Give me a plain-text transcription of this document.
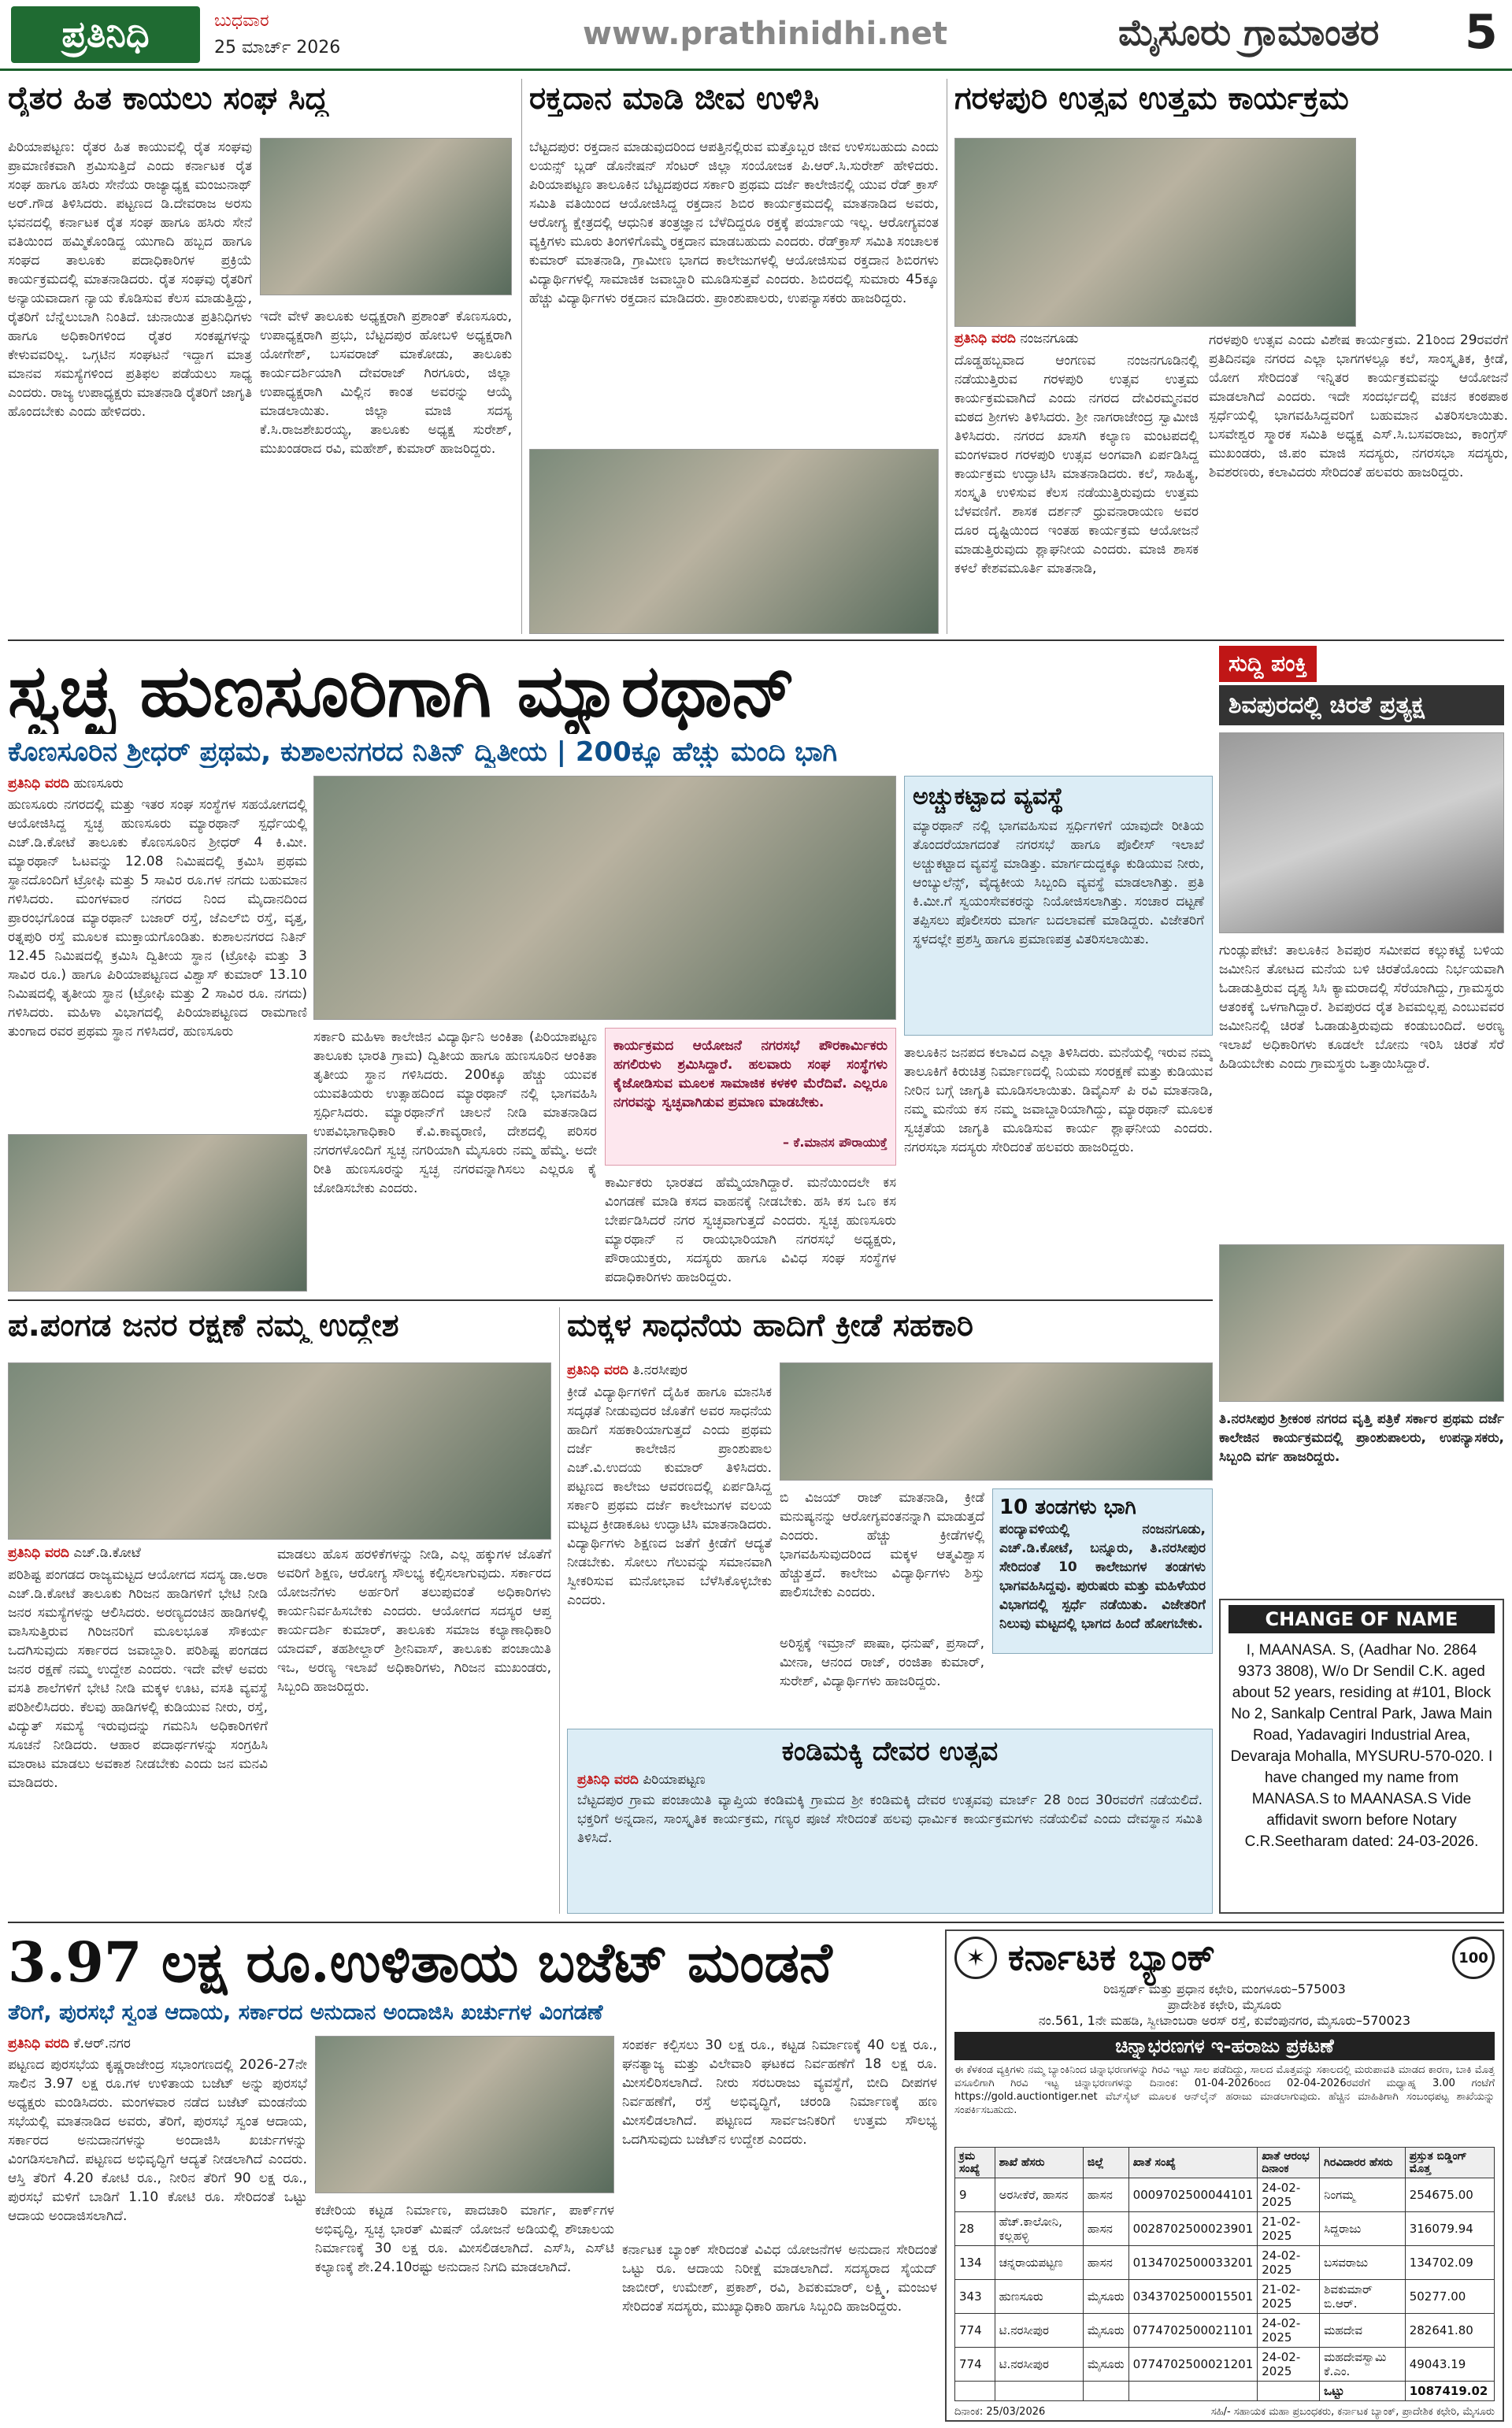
ಪ್ರತಿನಿಧಿ	ಬುಧವಾರ
25 ಮಾರ್ಚ್ 2026	www.prathinidhi.net	ಮೈಸೂರು ಗ್ರಾಮಾಂತರ 5
ರೈತರ ಹಿತ ಕಾಯಲು ಸಂಘ ಸಿದ್ಧ
ಪಿರಿಯಾಪಟ್ಟಣ: ರೈತರ ಹಿತ ಕಾಯುವಲ್ಲಿ ರೈತ ಸಂಘವು ಪ್ರಾಮಾಣಿಕವಾಗಿ ಶ್ರಮಿಸುತ್ತಿದೆ ಎಂದು ಕರ್ನಾಟಕ ರೈತ ಸಂಘ ಹಾಗೂ ಹಸಿರು ಸೇನೆಯ ರಾಜ್ಯಾಧ್ಯಕ್ಷ ಮಂಜುನಾಥ್ ಅರ್.ಗೌಡ ತಿಳಿಸಿದರು. ಪಟ್ಟಣದ ಡಿ.ದೇವರಾಜ ಅರಸು ಭವನದಲ್ಲಿ ಕರ್ನಾಟಕ ರೈತ ಸಂಘ ಹಾಗೂ ಹಸಿರು ಸೇನೆ ವತಿಯಿಂದ ಹಮ್ಮಿಕೊಂಡಿದ್ದ ಯುಗಾದಿ ಹಬ್ಬದ ಹಾಗೂ ಸಂಘದ ತಾಲೂಕು ಪದಾಧಿಕಾರಿಗಳ ಪ್ರಕ್ರಿಯೆ ಕಾರ್ಯಕ್ರಮದಲ್ಲಿ ಮಾತನಾಡಿದರು. ರೈತ ಸಂಘವು ರೈತರಿಗೆ ಅನ್ಯಾಯವಾದಾಗ ನ್ಯಾಯ ಕೊಡಿಸುವ ಕೆಲಸ ಮಾಡುತ್ತಿದ್ದು, ರೈತರಿಗೆ ಬೆನ್ನೆಲುಬಾಗಿ ನಿಂತಿದೆ. ಚುನಾಯಿತ ಪ್ರತಿನಿಧಿಗಳು ಹಾಗೂ ಅಧಿಕಾರಿಗಳಿಂದ ರೈತರ ಸಂಕಷ್ಟಗಳನ್ನು ಕೇಳುವವರಿಲ್ಲ. ಒಗ್ಗಟಿನ ಸಂಘಟನೆ ಇದ್ದಾಗ ಮಾತ್ರ ಮಾನವ ಸಮಸ್ಯೆಗಳಿಂದ ಪ್ರತಿಫಲ ಪಡೆಯಲು ಸಾಧ್ಯ ಎಂದರು. ರಾಜ್ಯ ಉಪಾಧ್ಯಕ್ಷರು ಮಾತನಾಡಿ ರೈತರಿಗೆ ಜಾಗೃತಿ ಹೊಂದಬೇಕು ಎಂದು ಹೇಳಿದರು.
ಇದೇ ವೇಳೆ ತಾಲೂಕು ಅಧ್ಯಕ್ಷರಾಗಿ ಪ್ರಶಾಂತ್ ಕೊಣಸೂರು, ಉಪಾಧ್ಯಕ್ಷರಾಗಿ ಪ್ರಭು, ಬೆಟ್ಟದಪುರ ಹೋಬಳಿ ಅಧ್ಯಕ್ಷರಾಗಿ ಯೋಗೇಶ್, ಬಸವರಾಜ್ ಮಾಕೋಡು, ತಾಲೂಕು ಕಾರ್ಯದರ್ಶಿಯಾಗಿ ದೇವರಾಜ್ ಗಿರಗೂರು, ಜಿಲ್ಲಾ ಉಪಾಧ್ಯಕ್ಷರಾಗಿ ಮಿಲ್ಲಿನ ಕಾಂತ ಅವರನ್ನು ಆಯ್ಕೆ ಮಾಡಲಾಯಿತು. ಜಿಲ್ಲಾ ಮಾಜಿ ಸದಸ್ಯ ಕೆ.ಸಿ.ರಾಜಶೇಖರಯ್ಯ, ತಾಲೂಕು ಅಧ್ಯಕ್ಷ ಸುರೇಶ್, ಮುಖಂಡರಾದ ರವಿ, ಮಹೇಶ್, ಕುಮಾರ್ ಹಾಜರಿದ್ದರು.
ರಕ್ತದಾನ ಮಾಡಿ ಜೀವ ಉಳಿಸಿ
ಬೆಟ್ಟದಪುರ: ರಕ್ತದಾನ ಮಾಡುವುದರಿಂದ ಆಪತ್ತಿನಲ್ಲಿರುವ ಮತ್ತೊಬ್ಬರ ಜೀವ ಉಳಿಸಬಹುದು ಎಂದು ಲಯನ್ಸ್ ಬ್ಲಡ್ ಡೊನೇಷನ್ ಸೆಂಟರ್ ಜಿಲ್ಲಾ ಸಂಯೋಜಕ ಪಿ.ಆರ್.ಸಿ.ಸುರೇಶ್ ಹೇಳಿದರು. ಪಿರಿಯಾಪಟ್ಟಣ ತಾಲೂಕಿನ ಬೆಟ್ಟದಪುರದ ಸರ್ಕಾರಿ ಪ್ರಥಮ ದರ್ಜೆ ಕಾಲೇಜಿನಲ್ಲಿ ಯುವ ರೆಡ್ ಕ್ರಾಸ್ ಸಮಿತಿ ವತಿಯಿಂದ ಆಯೋಜಿಸಿದ್ದ ರಕ್ತದಾನ ಶಿಬಿರ ಕಾರ್ಯಕ್ರಮದಲ್ಲಿ ಮಾತನಾಡಿದ ಅವರು, ಆರೋಗ್ಯ ಕ್ಷೇತ್ರದಲ್ಲಿ ಆಧುನಿಕ ತಂತ್ರಜ್ಞಾನ ಬೆಳೆದಿದ್ದರೂ ರಕ್ತಕ್ಕೆ ಪರ್ಯಾಯ ಇಲ್ಲ. ಆರೋಗ್ಯವಂತ ವ್ಯಕ್ತಿಗಳು ಮೂರು ತಿಂಗಳಿಗೊಮ್ಮೆ ರಕ್ತದಾನ ಮಾಡಬಹುದು ಎಂದರು. ರೆಡ್‌ಕ್ರಾಸ್ ಸಮಿತಿ ಸಂಚಾಲಕ ಕುಮಾರ್ ಮಾತನಾಡಿ, ಗ್ರಾಮೀಣ ಭಾಗದ ಕಾಲೇಜುಗಳಲ್ಲಿ ಆಯೋಜಿಸುವ ರಕ್ತದಾನ ಶಿಬಿರಗಳು ವಿದ್ಯಾರ್ಥಿಗಳಲ್ಲಿ ಸಾಮಾಜಿಕ ಜವಾಬ್ದಾರಿ ಮೂಡಿಸುತ್ತವೆ ಎಂದರು. ಶಿಬಿರದಲ್ಲಿ ಸುಮಾರು 45ಕ್ಕೂ ಹೆಚ್ಚು ವಿದ್ಯಾರ್ಥಿಗಳು ರಕ್ತದಾನ ಮಾಡಿದರು. ಪ್ರಾಂಶುಪಾಲರು, ಉಪನ್ಯಾಸಕರು ಹಾಜರಿದ್ದರು.
ಗರಳಪುರಿ ಉತ್ಸವ ಉತ್ತಮ ಕಾರ್ಯಕ್ರಮ
ಪ್ರತಿನಿಧಿ ವರದಿ ನಂಜನಗೂಡು
ದೊಡ್ಡಹಬ್ಬವಾದ ಆಂಗಣವ ನಂಜನಗೂಡಿನಲ್ಲಿ ನಡೆಯುತ್ತಿರುವ ಗರಳಪುರಿ ಉತ್ಸವ ಉತ್ತಮ ಕಾರ್ಯಕ್ರಮವಾಗಿದೆ ಎಂದು ನಗರದ ದೇವಿರಮ್ಮನವರ ಮಠದ ಶ್ರೀಗಳು ತಿಳಿಸಿದರು. ಶ್ರೀ ನಾಗರಾಜೇಂದ್ರ ಸ್ವಾಮೀಜಿ ತಿಳಿಸಿದರು. ನಗರದ ಖಾಸಗಿ ಕಲ್ಯಾಣ ಮಂಟಪದಲ್ಲಿ ಮಂಗಳವಾರ ಗರಳಪುರಿ ಉತ್ಸವ ಅಂಗವಾಗಿ ಏರ್ಪಡಿಸಿದ್ದ ಕಾರ್ಯಕ್ರಮ ಉದ್ಘಾಟಿಸಿ ಮಾತನಾಡಿದರು. ಕಲೆ, ಸಾಹಿತ್ಯ, ಸಂಸ್ಕೃತಿ ಉಳಿಸುವ ಕೆಲಸ ನಡೆಯುತ್ತಿರುವುದು ಉತ್ತಮ ಬೆಳವಣಿಗೆ. ಶಾಸಕ ದರ್ಶನ್ ಧ್ರುವನಾರಾಯಣ ಅವರ ದೂರ ದೃಷ್ಟಿಯಿಂದ ಇಂತಹ ಕಾರ್ಯಕ್ರಮ ಆಯೋಜನೆ ಮಾಡುತ್ತಿರುವುದು ಶ್ಲಾಘನೀಯ ಎಂದರು. ಮಾಜಿ ಶಾಸಕ ಕಳಲೆ ಕೇಶವಮೂರ್ತಿ ಮಾತನಾಡಿ,
ಗರಳಪುರಿ ಉತ್ಸವ ಎಂದು ವಿಶೇಷ ಕಾರ್ಯಕ್ರಮ. 21ರಿಂದ 29ರವರೆಗೆ ಪ್ರತಿದಿನವೂ ನಗರದ ಎಲ್ಲಾ ಭಾಗಗಳಲ್ಲೂ ಕಲೆ, ಸಾಂಸ್ಕೃತಿಕ, ಕ್ರೀಡೆ, ಯೋಗ ಸೇರಿದಂತೆ ಇನ್ನಿತರ ಕಾರ್ಯಕ್ರಮವನ್ನು ಆಯೋಜನೆ ಮಾಡಲಾಗಿದೆ ಎಂದರು. ಇದೇ ಸಂದರ್ಭದಲ್ಲಿ ವಚನ ಕಂಠಪಾಠ ಸ್ಪರ್ಧೆಯಲ್ಲಿ ಭಾಗವಹಿಸಿದ್ದವರಿಗೆ ಬಹುಮಾನ ವಿತರಿಸಲಾಯಿತು. ಬಸವೇಶ್ವರ ಸ್ಮಾರಕ ಸಮಿತಿ ಅಧ್ಯಕ್ಷ ಎಸ್.ಸಿ.ಬಸವರಾಜು, ಕಾಂಗ್ರೆಸ್ ಮುಖಂಡರು, ಜಿ.ಪಂ ಮಾಜಿ ಸದಸ್ಯರು, ನಗರಸಭಾ ಸದಸ್ಯರು, ಶಿವಶರಣರು, ಕಲಾವಿದರು ಸೇರಿದಂತೆ ಹಲವರು ಹಾಜರಿದ್ದರು.
ಸ್ವಚ್ಛ ಹುಣಸೂರಿಗಾಗಿ ಮ್ಯಾರಥಾನ್
ಕೊಣಸೂರಿನ ಶ್ರೀಧರ್ ಪ್ರಥಮ, ಕುಶಾಲನಗರದ ನಿತಿನ್ ದ್ವಿತೀಯ | 200ಕ್ಕೂ ಹೆಚ್ಚು ಮಂದಿ ಭಾಗಿ
ಸುದ್ದಿ ಪಂಕ್ತಿ
ಶಿವಪುರದಲ್ಲಿ ಚಿರತೆ ಪ್ರತ್ಯಕ್ಷ
ಗುಂಡ್ಲುಪೇಟೆ: ತಾಲೂಕಿನ ಶಿವಪುರ ಸಮೀಪದ ಕಲ್ಲುಕಟ್ಟೆ ಬಳಿಯ ಜಮೀನಿನ ತೋಟದ ಮನೆಯ ಬಳಿ ಚಿರತೆಯೊಂದು ನಿರ್ಭಯವಾಗಿ ಓಡಾಡುತ್ತಿರುವ ದೃಶ್ಯ ಸಿಸಿ ಕ್ಯಾಮರಾದಲ್ಲಿ ಸೆರೆಯಾಗಿದ್ದು, ಗ್ರಾಮಸ್ಥರು ಆತಂಕಕ್ಕೆ ಒಳಗಾಗಿದ್ದಾರೆ. ಶಿವಪುರದ ರೈತ ಶಿವಮಲ್ಲಪ್ಪ ಎಂಬುವವರ ಜಮೀನಿನಲ್ಲಿ ಚಿರತೆ ಓಡಾಡುತ್ತಿರುವುದು ಕಂಡುಬಂದಿದೆ. ಅರಣ್ಯ ಇಲಾಖೆ ಅಧಿಕಾರಿಗಳು ಕೂಡಲೇ ಬೋನು ಇರಿಸಿ ಚಿರತೆ ಸೆರೆ ಹಿಡಿಯಬೇಕು ಎಂದು ಗ್ರಾಮಸ್ಥರು ಒತ್ತಾಯಿಸಿದ್ದಾರೆ.
ತಿ.ನರಸೀಪುರ ಶ್ರೀಕಂಠ ನಗರದ ವೃತ್ತಿ ಪತ್ರಿಕೆ ಸರ್ಕಾರ ಪ್ರಥಮ ದರ್ಜೆ ಕಾಲೇಜಿನ ಕಾರ್ಯಕ್ರಮದಲ್ಲಿ ಪ್ರಾಂಶುಪಾಲರು, ಉಪನ್ಯಾಸಕರು, ಸಿಬ್ಬಂದಿ ವರ್ಗ ಹಾಜರಿದ್ದರು.
ಪ್ರತಿನಿಧಿ ವರದಿ ಹುಣಸೂರು
ಹುಣಸೂರು ನಗರದಲ್ಲಿ ಮತ್ತು ಇತರ ಸಂಘ ಸಂಸ್ಥೆಗಳ ಸಹಯೋಗದಲ್ಲಿ ಆಯೋಜಿಸಿದ್ದ ಸ್ವಚ್ಛ ಹುಣಸೂರು ಮ್ಯಾರಥಾನ್ ಸ್ಪರ್ಧೆಯಲ್ಲಿ ಎಚ್.ಡಿ.ಕೋಟೆ ತಾಲೂಕು ಕೊಣಸೂರಿನ ಶ್ರೀಧರ್ 4 ಕಿ.ಮೀ. ಮ್ಯಾರಥಾನ್ ಓಟವನ್ನು 12.08 ನಿಮಿಷದಲ್ಲಿ ಕ್ರಮಿಸಿ ಪ್ರಥಮ ಸ್ಥಾನದೊಂದಿಗೆ ಟ್ರೋಫಿ ಮತ್ತು 5 ಸಾವಿರ ರೂ.ಗಳ ನಗದು ಬಹುಮಾನ ಗಳಿಸಿದರು. ಮಂಗಳವಾರ ನಗರದ ನಿಂದ ಮೈದಾನದಿಂದ ಪ್ರಾರಂಭಗೊಂಡ ಮ್ಯಾರಥಾನ್ ಬಜಾರ್ ರಸ್ತೆ, ಜೆಎಲ್‌ಬಿ ರಸ್ತೆ, ವೃತ್ತ, ರತ್ನಪುರಿ ರಸ್ತೆ ಮೂಲಕ ಮುಕ್ತಾಯಗೊಂಡಿತು. ಕುಶಾಲನಗರದ ನಿತಿನ್ 12.45 ನಿಮಿಷದಲ್ಲಿ ಕ್ರಮಿಸಿ ದ್ವಿತೀಯ ಸ್ಥಾನ (ಟ್ರೋಫಿ ಮತ್ತು 3 ಸಾವಿರ ರೂ.) ಹಾಗೂ ಪಿರಿಯಾಪಟ್ಟಣದ ವಿಶ್ವಾಸ್ ಕುಮಾರ್ 13.10 ನಿಮಿಷದಲ್ಲಿ ತೃತೀಯ ಸ್ಥಾನ (ಟ್ರೋಫಿ ಮತ್ತು 2 ಸಾವಿರ ರೂ. ನಗದು) ಗಳಿಸಿದರು. ಮಹಿಳಾ ವಿಭಾಗದಲ್ಲಿ ಪಿರಿಯಾಪಟ್ಟಣದ ರಾಮಗಾಣಿ ತುಂಗಾದ ರವರ ಪ್ರಥಮ ಸ್ಥಾನ ಗಳಿಸಿದರೆ, ಹುಣಸೂರು
ಅಚ್ಚುಕಟ್ಟಾದ ವ್ಯವಸ್ಥೆ
ಮ್ಯಾರಥಾನ್ ನಲ್ಲಿ ಭಾಗವಹಿಸುವ ಸ್ಪರ್ಧಿಗಳಿಗೆ ಯಾವುದೇ ರೀತಿಯ ತೊಂದರೆಯಾಗದಂತೆ ನಗರಸಭೆ ಹಾಗೂ ಪೊಲೀಸ್ ಇಲಾಖೆ ಅಚ್ಚುಕಟ್ಟಾದ ವ್ಯವಸ್ಥೆ ಮಾಡಿತ್ತು. ಮಾರ್ಗದುದ್ದಕ್ಕೂ ಕುಡಿಯುವ ನೀರು, ಆಂಬ್ಯುಲೆನ್ಸ್, ವೈದ್ಯಕೀಯ ಸಿಬ್ಬಂದಿ ವ್ಯವಸ್ಥೆ ಮಾಡಲಾಗಿತ್ತು. ಪ್ರತಿ ಕಿ.ಮೀ.ಗೆ ಸ್ವಯಂಸೇವಕರನ್ನು ನಿಯೋಜಿಸಲಾಗಿತ್ತು. ಸಂಚಾರ ದಟ್ಟಣೆ ತಪ್ಪಿಸಲು ಪೊಲೀಸರು ಮಾರ್ಗ ಬದಲಾವಣೆ ಮಾಡಿದ್ದರು. ವಿಜೇತರಿಗೆ ಸ್ಥಳದಲ್ಲೇ ಪ್ರಶಸ್ತಿ ಹಾಗೂ ಪ್ರಮಾಣಪತ್ರ ವಿತರಿಸಲಾಯಿತು.
ಸರ್ಕಾರಿ ಮಹಿಳಾ ಕಾಲೇಜಿನ ವಿದ್ಯಾರ್ಥಿನಿ ಅಂಕಿತಾ (ಪಿರಿಯಾಪಟ್ಟಣ ತಾಲೂಕು ಭಾರತಿ ಗ್ರಾಮ) ದ್ವಿತೀಯ ಹಾಗೂ ಹುಣಸೂರಿನ ಆಂಕಿತಾ ತೃತೀಯ ಸ್ಥಾನ ಗಳಿಸಿದರು. 200ಕ್ಕೂ ಹೆಚ್ಚು ಯುವಕ ಯುವತಿಯರು ಉತ್ಸಾಹದಿಂದ ಮ್ಯಾರಥಾನ್ ನಲ್ಲಿ ಭಾಗವಹಿಸಿ ಸ್ಪರ್ಧಿಸಿದರು. ಮ್ಯಾರಥಾನ್‌ಗೆ ಚಾಲನೆ ನೀಡಿ ಮಾತನಾಡಿದ ಉಪವಿಭಾಗಾಧಿಕಾರಿ ಕೆ.ವಿ.ಕಾವ್ಯರಾಣಿ, ದೇಶದಲ್ಲಿ ಪರಿಸರ ನಗರಗಳೊಂದಿಗೆ ಸ್ವಚ್ಛ ನಗರಿಯಾಗಿ ಮೈಸೂರು ನಮ್ಮ ಹೆಮ್ಮೆ. ಅದೇ ರೀತಿ ಹುಣಸೂರನ್ನು ಸ್ವಚ್ಛ ನಗರವನ್ನಾಗಿಸಲು ಎಲ್ಲರೂ ಕೈ ಜೋಡಿಸಬೇಕು ಎಂದರು.
ಕಾರ್ಯಕ್ರಮದ ಆಯೋಜನೆ ನಗರಸಭೆ ಪೌರಕಾರ್ಮಿಕರು ಹಗಲಿರುಳು ಶ್ರಮಿಸಿದ್ದಾರೆ. ಹಲವಾರು ಸಂಘ ಸಂಸ್ಥೆಗಳು ಕೈಜೋಡಿಸುವ ಮೂಲಕ ಸಾಮಾಜಿಕ ಕಳಕಳಿ ಮೆರೆದಿವೆ. ಎಲ್ಲರೂ ನಗರವನ್ನು ಸ್ವಚ್ಛವಾಗಿಡುವ ಪ್ರಮಾಣ ಮಾಡಬೇಕು.
– ಕೆ.ಮಾನಸ ಪೌರಾಯುಕ್ತೆ
ಕಾರ್ಮಿಕರು ಭಾರತದ ಹೆಮ್ಮೆಯಾಗಿದ್ದಾರೆ. ಮನೆಯಿಂದಲೇ ಕಸ ವಿಂಗಡಣೆ ಮಾಡಿ ಕಸದ ವಾಹನಕ್ಕೆ ನೀಡಬೇಕು. ಹಸಿ ಕಸ ಒಣ ಕಸ ಬೇರ್ಪಡಿಸಿದರೆ ನಗರ ಸ್ವಚ್ಛವಾಗುತ್ತದೆ ಎಂದರು. ಸ್ವಚ್ಛ ಹುಣಸೂರು ಮ್ಯಾರಥಾನ್ ನ ರಾಯಭಾರಿಯಾಗಿ ನಗರಸಭೆ ಅಧ್ಯಕ್ಷರು, ಪೌರಾಯುಕ್ತರು, ಸದಸ್ಯರು ಹಾಗೂ ವಿವಿಧ ಸಂಘ ಸಂಸ್ಥೆಗಳ ಪದಾಧಿಕಾರಿಗಳು ಹಾಜರಿದ್ದರು.
ತಾಲೂಕಿನ ಜನಪದ ಕಲಾವಿದ ಎಲ್ಲಾ ತಿಳಿಸಿದರು. ಮನೆಯಲ್ಲಿ ಇರುವ ನಮ್ಮ ತಾಲೂಕಿಗೆ ಕಿರುಚಿತ್ರ ನಿರ್ಮಾಣದಲ್ಲಿ ನಿಯಮ ಸಂರಕ್ಷಣೆ ಮತ್ತು ಕುಡಿಯುವ ನೀರಿನ ಬಗ್ಗೆ ಜಾಗೃತಿ ಮೂಡಿಸಲಾಯಿತು. ಡಿವೈಎಸ್ ಪಿ ರವಿ ಮಾತನಾಡಿ, ನಮ್ಮ ಮನೆಯ ಕಸ ನಮ್ಮ ಜವಾಬ್ದಾರಿಯಾಗಿದ್ದು, ಮ್ಯಾರಥಾನ್ ಮೂಲಕ ಸ್ವಚ್ಛತೆಯ ಜಾಗೃತಿ ಮೂಡಿಸುವ ಕಾರ್ಯ ಶ್ಲಾಘನೀಯ ಎಂದರು. ನಗರಸಭಾ ಸದಸ್ಯರು ಸೇರಿದಂತೆ ಹಲವರು ಹಾಜರಿದ್ದರು.
ಪ.ಪಂಗಡ ಜನರ ರಕ್ಷಣೆ ನಮ್ಮ ಉದ್ದೇಶ
ಪ್ರತಿನಿಧಿ ವರದಿ ಎಚ್.ಡಿ.ಕೋಟೆ
ಪರಿಶಿಷ್ಟ ಪಂಗಡದ ರಾಜ್ಯಮಟ್ಟದ ಆಯೋಗದ ಸದಸ್ಯ ಡಾ.ಅರಾ ಎಚ್.ಡಿ.ಕೋಟೆ ತಾಲೂಕು ಗಿರಿಜನ ಹಾಡಿಗಳಿಗೆ ಭೇಟಿ ನೀಡಿ ಜನರ ಸಮಸ್ಯೆಗಳನ್ನು ಆಲಿಸಿದರು. ಅರಣ್ಯದಂಚಿನ ಹಾಡಿಗಳಲ್ಲಿ ವಾಸಿಸುತ್ತಿರುವ ಗಿರಿಜನರಿಗೆ ಮೂಲಭೂತ ಸೌಕರ್ಯ ಒದಗಿಸುವುದು ಸರ್ಕಾರದ ಜವಾಬ್ದಾರಿ. ಪರಿಶಿಷ್ಟ ಪಂಗಡದ ಜನರ ರಕ್ಷಣೆ ನಮ್ಮ ಉದ್ದೇಶ ಎಂದರು. ಇದೇ ವೇಳೆ ಅವರು ವಸತಿ ಶಾಲೆಗಳಿಗೆ ಭೇಟಿ ನೀಡಿ ಮಕ್ಕಳ ಊಟ, ವಸತಿ ವ್ಯವಸ್ಥೆ ಪರಿಶೀಲಿಸಿದರು. ಕೆಲವು ಹಾಡಿಗಳಲ್ಲಿ ಕುಡಿಯುವ ನೀರು, ರಸ್ತೆ, ವಿದ್ಯುತ್ ಸಮಸ್ಯೆ ಇರುವುದನ್ನು ಗಮನಿಸಿ ಅಧಿಕಾರಿಗಳಿಗೆ ಸೂಚನೆ ನೀಡಿದರು. ಆಹಾರ ಪದಾರ್ಥಗಳನ್ನು ಸಂಗ್ರಹಿಸಿ ಮಾರಾಟ ಮಾಡಲು ಅವಕಾಶ ನೀಡಬೇಕು ಎಂದು ಜನ ಮನವಿ ಮಾಡಿದರು.
ಮಾಡಲು ಹೊಸ ಹರಳಿಕೆಗಳನ್ನು ನೀಡಿ, ಎಲ್ಲ ಹಕ್ಕುಗಳ ಜೊತೆಗೆ ಅವರಿಗೆ ಶಿಕ್ಷಣ, ಆರೋಗ್ಯ ಸೌಲಭ್ಯ ಕಲ್ಪಿಸಲಾಗುವುದು. ಸರ್ಕಾರದ ಯೋಜನೆಗಳು ಅರ್ಹರಿಗೆ ತಲುಪುವಂತೆ ಅಧಿಕಾರಿಗಳು ಕಾರ್ಯನಿರ್ವಹಿಸಬೇಕು ಎಂದರು. ಆಯೋಗದ ಸದಸ್ಯರ ಆಪ್ತ ಕಾರ್ಯದರ್ಶಿ ಕುಮಾರ್, ತಾಲೂಕು ಸಮಾಜ ಕಲ್ಯಾಣಾಧಿಕಾರಿ ಯಾದವ್, ತಹಶೀಲ್ದಾರ್ ಶ್ರೀನಿವಾಸ್, ತಾಲೂಕು ಪಂಚಾಯಿತಿ ಇಒ, ಅರಣ್ಯ ಇಲಾಖೆ ಅಧಿಕಾರಿಗಳು, ಗಿರಿಜನ ಮುಖಂಡರು, ಸಿಬ್ಬಂದಿ ಹಾಜರಿದ್ದರು.
ಮಕ್ಕಳ ಸಾಧನೆಯ ಹಾದಿಗೆ ಕ್ರೀಡೆ ಸಹಕಾರಿ
ಪ್ರತಿನಿಧಿ ವರದಿ ತಿ.ನರಸೀಪುರ
ಕ್ರೀಡೆ ವಿದ್ಯಾರ್ಥಿಗಳಿಗೆ ದೈಹಿಕ ಹಾಗೂ ಮಾನಸಿಕ ಸದೃಢತೆ ನೀಡುವುದರ ಜೊತೆಗೆ ಅವರ ಸಾಧನೆಯ ಹಾದಿಗೆ ಸಹಕಾರಿಯಾಗುತ್ತದೆ ಎಂದು ಪ್ರಥಮ ದರ್ಜೆ ಕಾಲೇಜಿನ ಪ್ರಾಂಶುಪಾಲ ಎಚ್.ವಿ.ಉದಯ ಕುಮಾರ್ ತಿಳಿಸಿದರು. ಪಟ್ಟಣದ ಕಾಲೇಜು ಆವರಣದಲ್ಲಿ ಏರ್ಪಡಿಸಿದ್ದ ಸರ್ಕಾರಿ ಪ್ರಥಮ ದರ್ಜೆ ಕಾಲೇಜುಗಳ ವಲಯ ಮಟ್ಟದ ಕ್ರೀಡಾಕೂಟ ಉದ್ಘಾಟಿಸಿ ಮಾತನಾಡಿದರು. ವಿದ್ಯಾರ್ಥಿಗಳು ಶಿಕ್ಷಣದ ಜತೆಗೆ ಕ್ರೀಡೆಗೆ ಆದ್ಯತೆ ನೀಡಬೇಕು. ಸೋಲು ಗೆಲುವನ್ನು ಸಮಾನವಾಗಿ ಸ್ವೀಕರಿಸುವ ಮನೋಭಾವ ಬೆಳೆಸಿಕೊಳ್ಳಬೇಕು ಎಂದರು.
ಬಿ ವಿಜಯ್ ರಾಜ್ ಮಾತನಾಡಿ, ಕ್ರೀಡೆ ಮನುಷ್ಯನನ್ನು ಆರೋಗ್ಯವಂತನನ್ನಾಗಿ ಮಾಡುತ್ತದೆ ಎಂದರು. ಹೆಚ್ಚು ಕ್ರೀಡೆಗಳಲ್ಲಿ ಭಾಗವಹಿಸುವುದರಿಂದ ಮಕ್ಕಳ ಆತ್ಮವಿಶ್ವಾಸ ಹೆಚ್ಚುತ್ತದೆ. ಕಾಲೇಜು ವಿದ್ಯಾರ್ಥಿಗಳು ಶಿಸ್ತು ಪಾಲಿಸಬೇಕು ಎಂದರು.
10 ತಂಡಗಳು ಭಾಗಿ
ಪಂದ್ಯಾವಳಿಯಲ್ಲಿ ನಂಜನಗೂಡು, ಎಚ್.ಡಿ.ಕೋಟೆ, ಬನ್ನೂರು, ತಿ.ನರಸೀಪುರ ಸೇರಿದಂತೆ 10 ಕಾಲೇಜುಗಳ ತಂಡಗಳು ಭಾಗವಹಿಸಿದ್ದವು. ಪುರುಷರು ಮತ್ತು ಮಹಿಳೆಯರ ವಿಭಾಗದಲ್ಲಿ ಸ್ಪರ್ಧೆ ನಡೆಯಿತು. ವಿಜೇತರಿಗೆ ನಿಲುವು ಮಟ್ಟದಲ್ಲಿ ಭಾಗದ ಹಿಂದೆ ಹೋಗಬೇಕು.
ಅರಿಸ್ಟಕ್ಕೆ ಇಮ್ರಾನ್ ಪಾಷಾ, ಧನುಷ್, ಪ್ರಸಾದ್, ಮೀನಾ, ಆನಂದ ರಾಜ್, ರಂಜಿತಾ ಕುಮಾರ್, ಸುರೇಶ್, ವಿದ್ಯಾರ್ಥಿಗಳು ಹಾಜರಿದ್ದರು.
ಕಂಡಿಮಕ್ಕಿ ದೇವರ ಉತ್ಸವ
ಪ್ರತಿನಿಧಿ ವರದಿ ಪಿರಿಯಾಪಟ್ಟಣ
ಬೆಟ್ಟದಪುರ ಗ್ರಾಮ ಪಂಚಾಯಿತಿ ವ್ಯಾಪ್ತಿಯ ಕಂಡಿಮಕ್ಕಿ ಗ್ರಾಮದ ಶ್ರೀ ಕಂಡಿಮಕ್ಕಿ ದೇವರ ಉತ್ಸವವು ಮಾರ್ಚ್ 28 ರಿಂದ 30ರವರೆಗೆ ನಡೆಯಲಿದೆ. ಭಕ್ತರಿಗೆ ಅನ್ನದಾನ, ಸಾಂಸ್ಕೃತಿಕ ಕಾರ್ಯಕ್ರಮ, ಗಣ್ಯರ ಪೂಜೆ ಸೇರಿದಂತೆ ಹಲವು ಧಾರ್ಮಿಕ ಕಾರ್ಯಕ್ರಮಗಳು ನಡೆಯಲಿವೆ ಎಂದು ದೇವಸ್ಥಾನ ಸಮಿತಿ ತಿಳಿಸಿದೆ.
CHANGE OF NAME
I, MAANASA. S, (Aadhar No. 2864 9373 3808), W/o Dr Sendil C.K. aged about 52 years, residing at #101, Block No 2, Sankalp Central Park, Jawa Main Road, Yadavagiri Industrial Area, Devaraja Mohalla, MYSURU-570-020. I have changed my name from MANASA.S to MAANASA.S Vide affidavit sworn before Notary C.R.Seetharam dated: 24-03-2026.
3.97 ಲಕ್ಷ ರೂ.ಉಳಿತಾಯ ಬಜೆಟ್ ಮಂಡನೆ
ತೆರಿಗೆ, ಪುರಸಭೆ ಸ್ವಂತ ಆದಾಯ, ಸರ್ಕಾರದ ಅನುದಾನ ಅಂದಾಜಿಸಿ ಖರ್ಚುಗಳ ವಿಂಗಡಣೆ
ಪ್ರತಿನಿಧಿ ವರದಿ ಕೆ.ಆರ್.ನಗರ
ಪಟ್ಟಣದ ಪುರಸಭೆಯ ಕೃಷ್ಣರಾಜೇಂದ್ರ ಸಭಾಂಗಣದಲ್ಲಿ 2026-27ನೇ ಸಾಲಿನ 3.97 ಲಕ್ಷ ರೂ.ಗಳ ಉಳಿತಾಯ ಬಜೆಟ್ ಅನ್ನು ಪುರಸಭೆ ಅಧ್ಯಕ್ಷರು ಮಂಡಿಸಿದರು. ಮಂಗಳವಾರ ನಡೆದ ಬಜೆಟ್ ಮಂಡನೆಯ ಸಭೆಯಲ್ಲಿ ಮಾತನಾಡಿದ ಅವರು, ತೆರಿಗೆ, ಪುರಸಭೆ ಸ್ವಂತ ಆದಾಯ, ಸರ್ಕಾರದ ಅನುದಾನಗಳನ್ನು ಅಂದಾಜಿಸಿ ಖರ್ಚುಗಳನ್ನು ವಿಂಗಡಿಸಲಾಗಿದೆ. ಪಟ್ಟಣದ ಅಭಿವೃದ್ಧಿಗೆ ಆದ್ಯತೆ ನೀಡಲಾಗಿದೆ ಎಂದರು. ಆಸ್ತಿ ತೆರಿಗೆ 4.20 ಕೋಟಿ ರೂ., ನೀರಿನ ತೆರಿಗೆ 90 ಲಕ್ಷ ರೂ., ಪುರಸಭೆ ಮಳಿಗೆ ಬಾಡಿಗೆ 1.10 ಕೋಟಿ ರೂ. ಸೇರಿದಂತೆ ಒಟ್ಟು ಆದಾಯ ಅಂದಾಜಿಸಲಾಗಿದೆ.
ಸಂಪರ್ಕ ಕಲ್ಪಿಸಲು 30 ಲಕ್ಷ ರೂ., ಕಟ್ಟಡ ನಿರ್ಮಾಣಕ್ಕೆ 40 ಲಕ್ಷ ರೂ., ಘನತ್ಯಾಜ್ಯ ಮತ್ತು ವಿಲೇವಾರಿ ಘಟಕದ ನಿರ್ವಹಣೆಗೆ 18 ಲಕ್ಷ ರೂ. ಮೀಸಲಿರಿಸಲಾಗಿದೆ. ನೀರು ಸರಬರಾಜು ವ್ಯವಸ್ಥೆಗೆ, ಬೀದಿ ದೀಪಗಳ ನಿರ್ವಹಣೆಗೆ, ರಸ್ತೆ ಅಭಿವೃದ್ಧಿಗೆ, ಚರಂಡಿ ನಿರ್ಮಾಣಕ್ಕೆ ಹಣ ಮೀಸಲಿಡಲಾಗಿದೆ. ಪಟ್ಟಣದ ಸಾರ್ವಜನಿಕರಿಗೆ ಉತ್ತಮ ಸೌಲಭ್ಯ ಒದಗಿಸುವುದು ಬಜೆಟ್‌ನ ಉದ್ದೇಶ ಎಂದರು.
ಕಚೇರಿಯ ಕಟ್ಟಡ ನಿರ್ಮಾಣ, ಪಾದಚಾರಿ ಮಾರ್ಗ, ಪಾರ್ಕ್‌ಗಳ ಅಭಿವೃದ್ಧಿ, ಸ್ವಚ್ಛ ಭಾರತ್ ಮಿಷನ್ ಯೋಜನೆ ಅಡಿಯಲ್ಲಿ ಶೌಚಾಲಯ ನಿರ್ಮಾಣಕ್ಕೆ 30 ಲಕ್ಷ ರೂ. ಮೀಸಲಿಡಲಾಗಿದೆ. ಎಸ್‌ಸಿ, ಎಸ್‌ಟಿ ಕಲ್ಯಾಣಕ್ಕೆ ಶೇ.24.10ರಷ್ಟು ಅನುದಾನ ನಿಗದಿ ಮಾಡಲಾಗಿದೆ.
ಕರ್ನಾಟಕ ಬ್ಯಾಂಕ್ ಸೇರಿದಂತೆ ವಿವಿಧ ಯೋಜನೆಗಳ ಅನುದಾನ ಸೇರಿದಂತೆ ಒಟ್ಟು ರೂ. ಆದಾಯ ನಿರೀಕ್ಷೆ ಮಾಡಲಾಗಿದೆ. ಸದಸ್ಯರಾದ ಸೈಯದ್ ಜಾಬೀರ್, ಉಮೇಶ್, ಪ್ರಕಾಶ್, ರವಿ, ಶಿವಕುಮಾರ್, ಲಕ್ಷ್ಮಿ, ಮಂಜುಳ ಸೇರಿದಂತೆ ಸದಸ್ಯರು, ಮುಖ್ಯಾಧಿಕಾರಿ ಹಾಗೂ ಸಿಬ್ಬಂದಿ ಹಾಜರಿದ್ದರು.
✶ ಕರ್ನಾಟಕ ಬ್ಯಾಂಕ್	100
ರಿಜಿಸ್ಟರ್ಡ್ ಮತ್ತು ಪ್ರಧಾನ ಕಛೇರಿ, ಮಂಗಳೂರು–575003
ಪ್ರಾದೇಶಿಕ ಕಛೇರಿ, ಮೈಸೂರು
ನಂ.561, 1ನೇ ಮಹಡಿ, ಸ್ವೀಟಾಂಬರಾ ಅರಸ್ ರಸ್ತೆ, ಕುವೆಂಪುನಗರ, ಮೈಸೂರು–570023
ಚಿನ್ನಾಭರಣಗಳ ಇ-ಹರಾಜು ಪ್ರಕಟಣೆ
ಈ ಕೆಳಕಂಡ ವ್ಯಕ್ತಿಗಳು ನಮ್ಮ ಬ್ಯಾಂಕಿನಿಂದ ಚಿನ್ನಾಭರಣಗಳನ್ನು ಗಿರವಿ ಇಟ್ಟು ಸಾಲ ಪಡೆದಿದ್ದು, ಸಾಲದ ಮೊತ್ತವನ್ನು ಸಕಾಲದಲ್ಲಿ ಮರುಪಾವತಿ ಮಾಡದ ಕಾರಣ, ಬಾಕಿ ಮೊತ್ತ ವಸೂಲಿಗಾಗಿ ಗಿರವಿ ಇಟ್ಟ ಚಿನ್ನಾಭರಣಗಳನ್ನು ದಿನಾಂಕ: 01-04-2026ರಿಂದ 02-04-2026ರವರೆಗೆ ಮಧ್ಯಾಹ್ನ 3.00 ಗಂಟೆಗೆ https://gold.auctiontiger.net ವೆಬ್‌ಸೈಟ್ ಮೂಲಕ ಆನ್‌ಲೈನ್ ಹರಾಜು ಮಾಡಲಾಗುವುದು. ಹೆಚ್ಚಿನ ಮಾಹಿತಿಗಾಗಿ ಸಂಬಂಧಪಟ್ಟ ಶಾಖೆಯನ್ನು ಸಂಪರ್ಕಿಸಬಹುದು.
ಕ್ರಮ ಸಂಖ್ಯೆ	ಶಾಖೆ ಹೆಸರು	ಜಿಲ್ಲೆ	ಖಾತೆ ಸಂಖ್ಯೆ	ಖಾತೆ ಆರಂಭ ದಿನಾಂಕ	ಗಿರವಿದಾರರ ಹೆಸರು	ಪ್ರಸ್ತುತ ಬಿಡ್ಡಿಂಗ್ ಮೊತ್ತ
9	ಅರಸೀಕೆರೆ, ಹಾಸನ	ಹಾಸನ	0009702500044101	24-02-2025	ನಿಂಗಮ್ಮ	254675.00
28	ಹೆಚ್.ಕಾಲೋನಿ, ಕಲ್ಲಹಳ್ಳಿ	ಹಾಸನ	0028702500023901	21-02-2025	ಸಿದ್ದರಾಜು	316079.94
134	ಚನ್ನರಾಯಪಟ್ಟಣ	ಹಾಸನ	0134702500033201	24-02-2025	ಬಸವರಾಜು	134702.09
343	ಹುಣಸೂರು	ಮೈಸೂರು	0343702500015501	21-02-2025	ಶಿವಕುಮಾರ್ ಬಿ.ಆರ್.	50277.00
774	ಟಿ.ನರಸೀಪುರ	ಮೈಸೂರು	0774702500021101	24-02-2025	ಮಹದೇವ	282641.80
774	ಟಿ.ನರಸೀಪುರ	ಮೈಸೂರು	0774702500021201	24-02-2025	ಮಹದೇವಸ್ವಾಮಿ ಕೆ.ಎಂ.	49043.19
					ಒಟ್ಟು	1087419.02
ದಿನಾಂಕ: 25/03/2026	ಸಹಿ/- ಸಹಾಯಕ ಮಹಾ ಪ್ರಬಂಧಕರು, ಕರ್ನಾಟಕ ಬ್ಯಾಂಕ್, ಪ್ರಾದೇಶಿಕ ಕಛೇರಿ, ಮೈಸೂರು
